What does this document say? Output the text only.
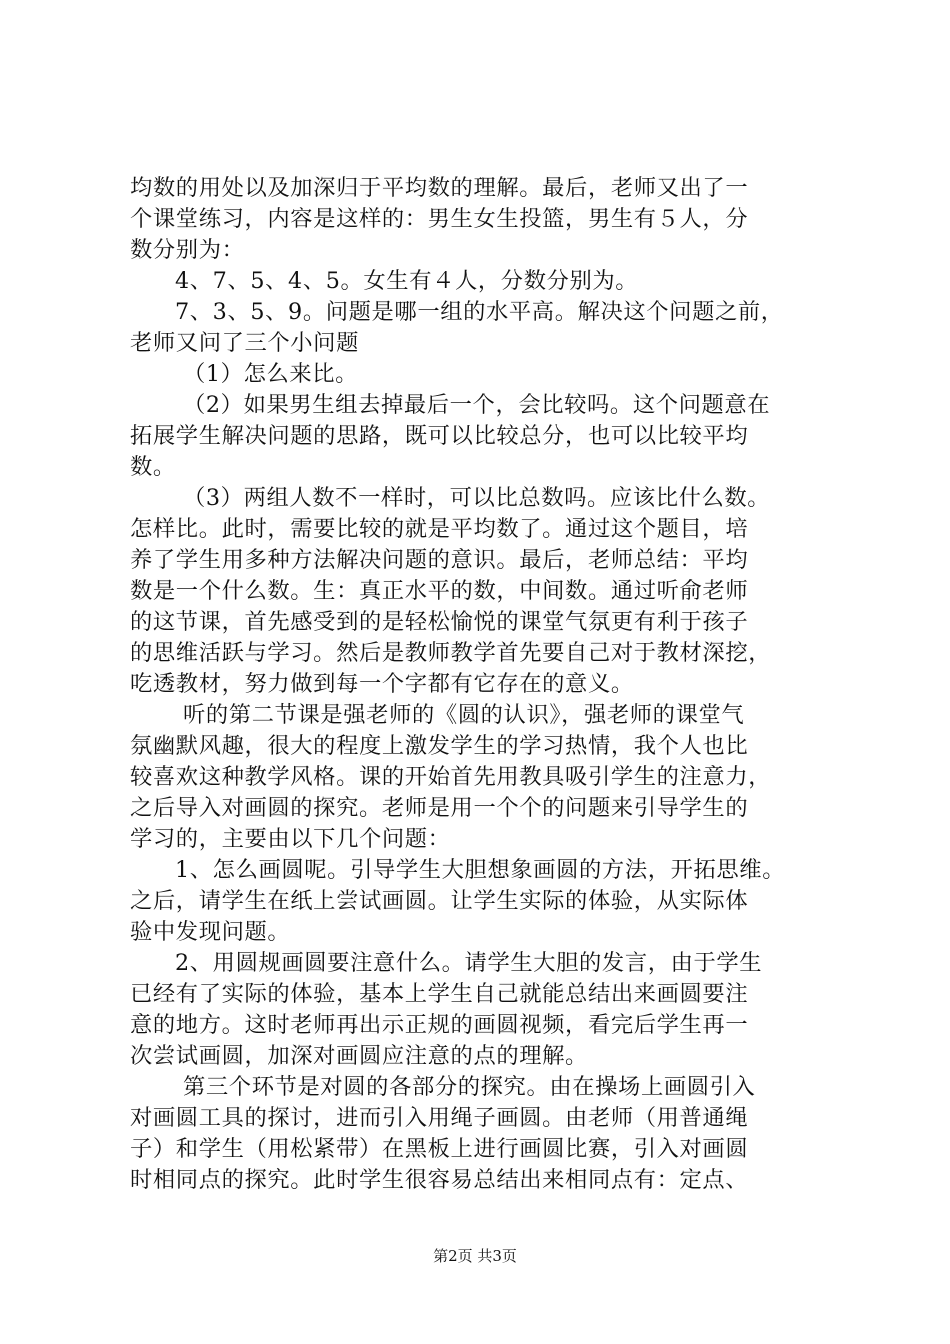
均数的用处以及加深归于平均数的理解。最后，老师又出了一
个课堂练习，内容是这样的：男生女生投篮，男生有５人，分
数分别为：
4、7、5、4、5。女生有４人，分数分别为。
7、3、5、9。问题是哪一组的水平高。解决这个问题之前，
老师又问了三个小问题
（1）怎么来比。
（2）如果男生组去掉最后一个，会比较吗。这个问题意在
拓展学生解决问题的思路，既可以比较总分，也可以比较平均
数。
（3）两组人数不一样时，可以比总数吗。应该比什么数。
怎样比。此时，需要比较的就是平均数了。通过这个题目，培
养了学生用多种方法解决问题的意识。最后，老师总结：平均
数是一个什么数。生：真正水平的数，中间数。通过听俞老师
的这节课，首先感受到的是轻松愉悦的课堂气氛更有利于孩子
的思维活跃与学习。然后是教师教学首先要自己对于教材深挖，
吃透教材，努力做到每一个字都有它存在的意义。
听的第二节课是强老师的《圆的认识》，强老师的课堂气
氛幽默风趣，很大的程度上激发学生的学习热情，我个人也比
较喜欢这种教学风格。课的开始首先用教具吸引学生的注意力，
之后导入对画圆的探究。老师是用一个个的问题来引导学生的
学习的，主要由以下几个问题：
1、怎么画圆呢。引导学生大胆想象画圆的方法，开拓思维。
之后，请学生在纸上尝试画圆。让学生实际的体验，从实际体
验中发现问题。
2、用圆规画圆要注意什么。请学生大胆的发言，由于学生
已经有了实际的体验，基本上学生自己就能总结出来画圆要注
意的地方。这时老师再出示正规的画圆视频，看完后学生再一
次尝试画圆，加深对画圆应注意的点的理解。
第三个环节是对圆的各部分的探究。由在操场上画圆引入
对画圆工具的探讨，进而引入用绳子画圆。由老师（用普通绳
子）和学生（用松紧带）在黑板上进行画圆比赛，引入对画圆
时相同点的探究。此时学生很容易总结出来相同点有：定点、
第2页 共3页
